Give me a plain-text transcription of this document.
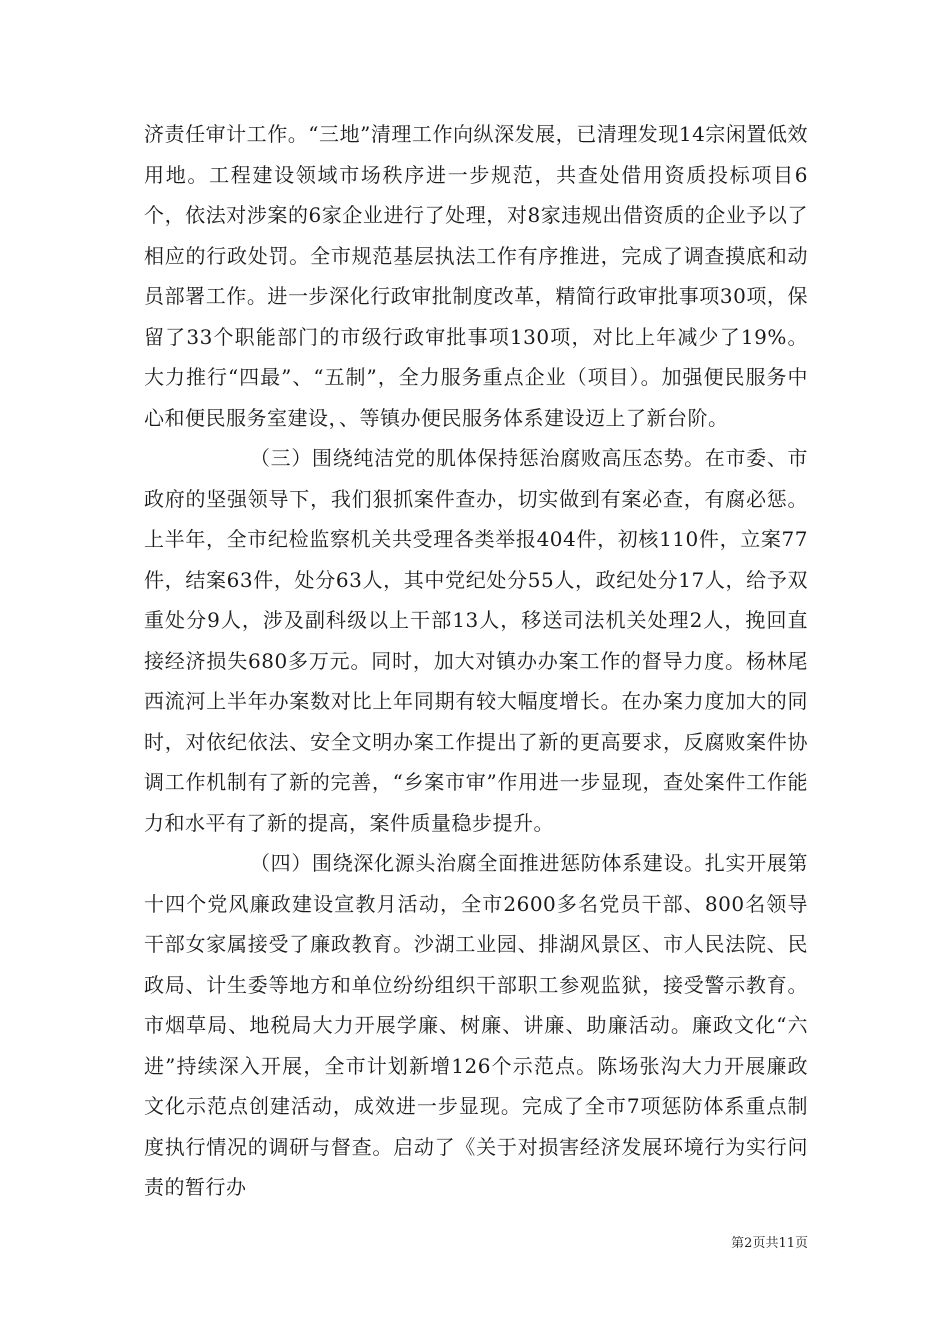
济责任审计工作。“三地”清理工作向纵深发展，已清理发现14宗闲置低效用地。工程建设领域市场秩序进一步规范，共查处借用资质投标项目6个，依法对涉案的6家企业进行了处理，对8家违规出借资质的企业予以了相应的行政处罚。全市规范基层执法工作有序推进，完成了调查摸底和动员部署工作。进一步深化行政审批制度改革，精简行政审批事项30项，保留了33个职能部门的市级行政审批事项130项，对比上年减少了19%。大力推行“四最”、“五制”，全力服务重点企业（项目）。加强便民服务中心和便民服务室建设，、等镇办便民服务体系建设迈上了新台阶。

（三）围绕纯洁党的肌体保持惩治腐败高压态势。在市委、市政府的坚强领导下，我们狠抓案件查办，切实做到有案必查，有腐必惩。上半年，全市纪检监察机关共受理各类举报404件，初核110件，立案77件，结案63件，处分63人，其中党纪处分55人，政纪处分17人，给予双重处分9人，涉及副科级以上干部13人，移送司法机关处理2人，挽回直接经济损失680多万元。同时，加大对镇办办案工作的督导力度。杨林尾西流河上半年办案数对比上年同期有较大幅度增长。在办案力度加大的同时，对依纪依法、安全文明办案工作提出了新的更高要求，反腐败案件协调工作机制有了新的完善，“乡案市审”作用进一步显现，查处案件工作能力和水平有了新的提高，案件质量稳步提升。

（四）围绕深化源头治腐全面推进惩防体系建设。扎实开展第十四个党风廉政建设宣教月活动，全市2600多名党员干部、800名领导干部女家属接受了廉政教育。沙湖工业园、排湖风景区、市人民法院、民政局、计生委等地方和单位纷纷组织干部职工参观监狱，接受警示教育。市烟草局、地税局大力开展学廉、树廉、讲廉、助廉活动。廉政文化“六进”持续深入开展，全市计划新增126个示范点。陈场张沟大力开展廉政文化示范点创建活动，成效进一步显现。完成了全市7项惩防体系重点制度执行情况的调研与督查。启动了《关于对损害经济发展环境行为实行问责的暂行办

第2页共11页
